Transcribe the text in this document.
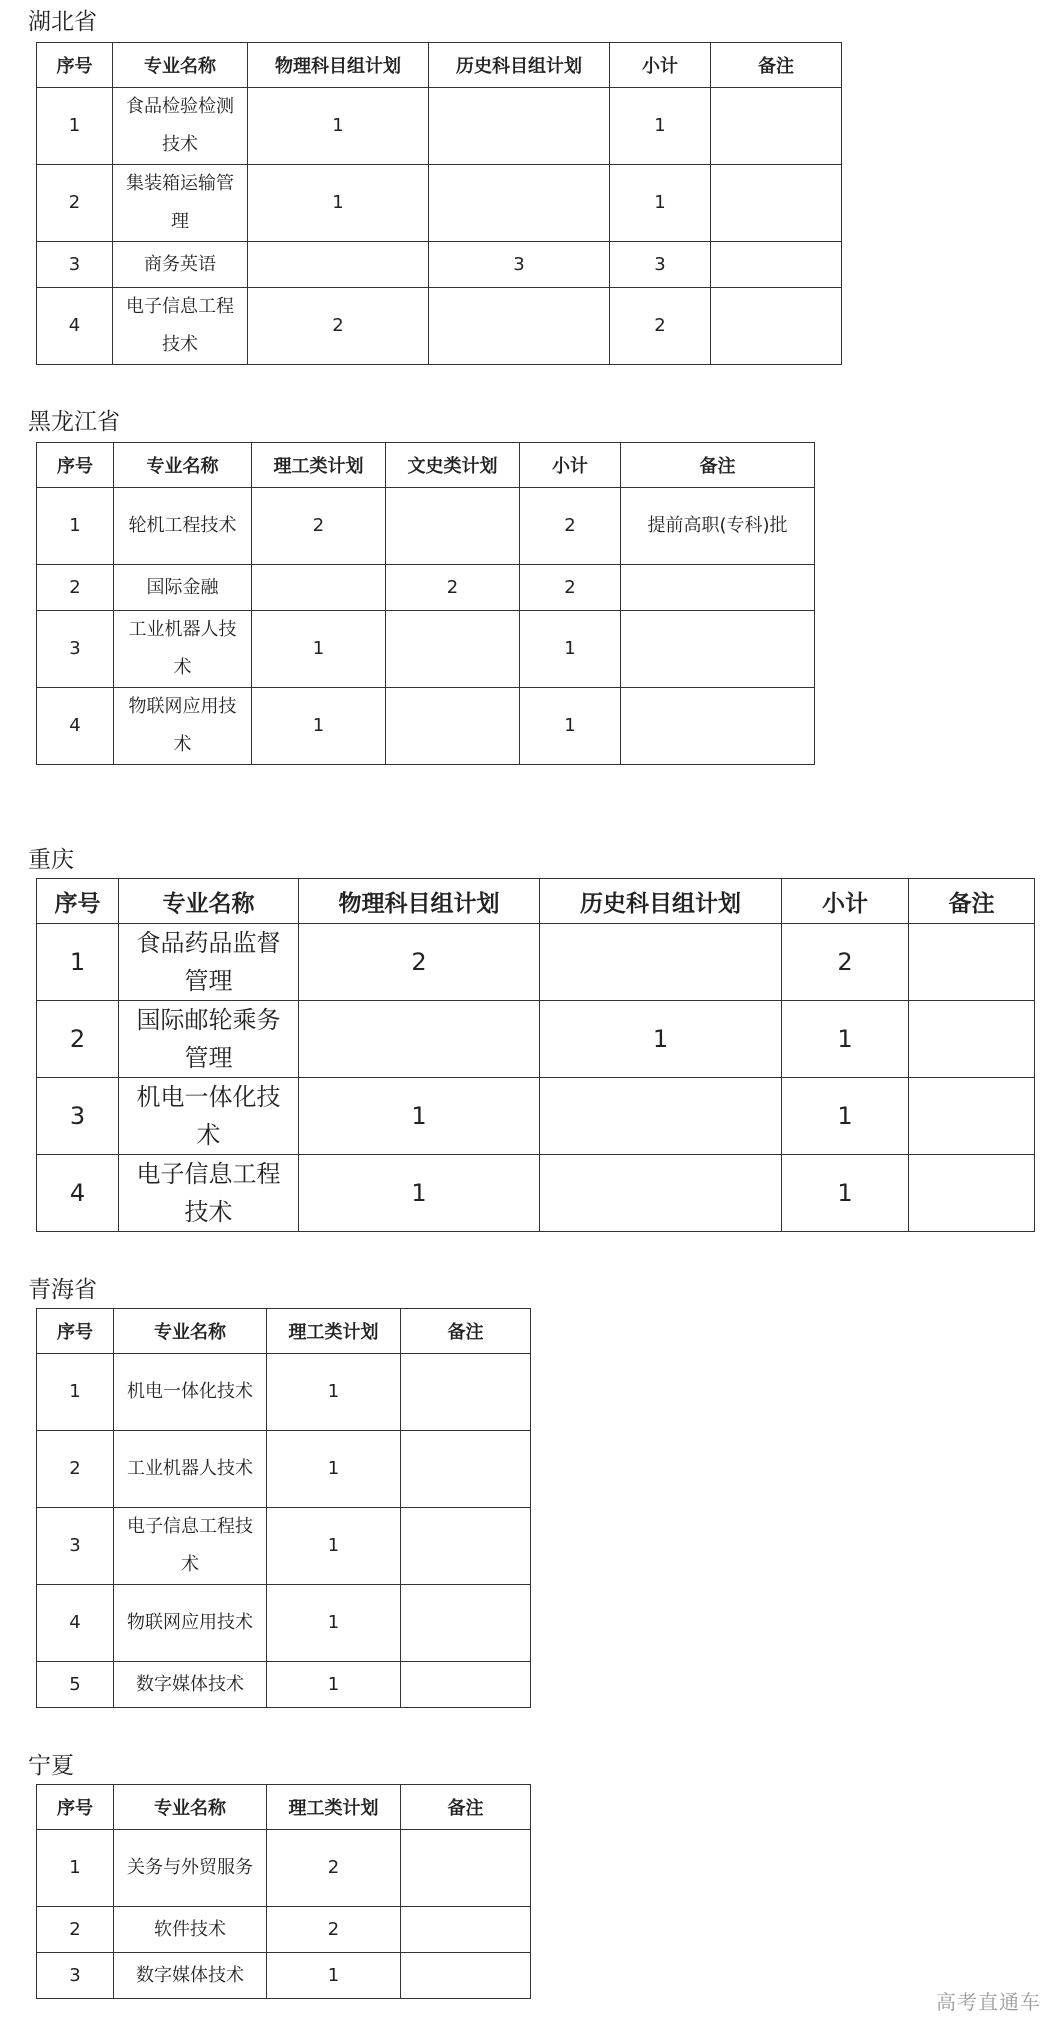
湖北省
序号	专业名称	物理科目组计划	历史科目组计划	小计	备注
1	食品检验检测技术	1		1	
2	集装箱运输管理	1		1	
3	商务英语		3	3	
4	电子信息工程技术	2		2	
黑龙江省
序号	专业名称	理工类计划	文史类计划	小计	备注
1	轮机工程技术	2		2	提前高职(专科)批
2	国际金融		2	2	
3	工业机器人技术	1		1	
4	物联网应用技术	1		1	
重庆
序号	专业名称	物理科目组计划	历史科目组计划	小计	备注
1	食品药品监督管理	2		2	
2	国际邮轮乘务管理		1	1	
3	机电一体化技术	1		1	
4	电子信息工程技术	1		1	
青海省
序号	专业名称	理工类计划	备注
1	机电一体化技术	1	
2	工业机器人技术	1	
3	电子信息工程技术	1	
4	物联网应用技术	1	
5	数字媒体技术	1	
宁夏
序号	专业名称	理工类计划	备注
1	关务与外贸服务	2	
2	软件技术	2	
3	数字媒体技术	1	
高考直通车
